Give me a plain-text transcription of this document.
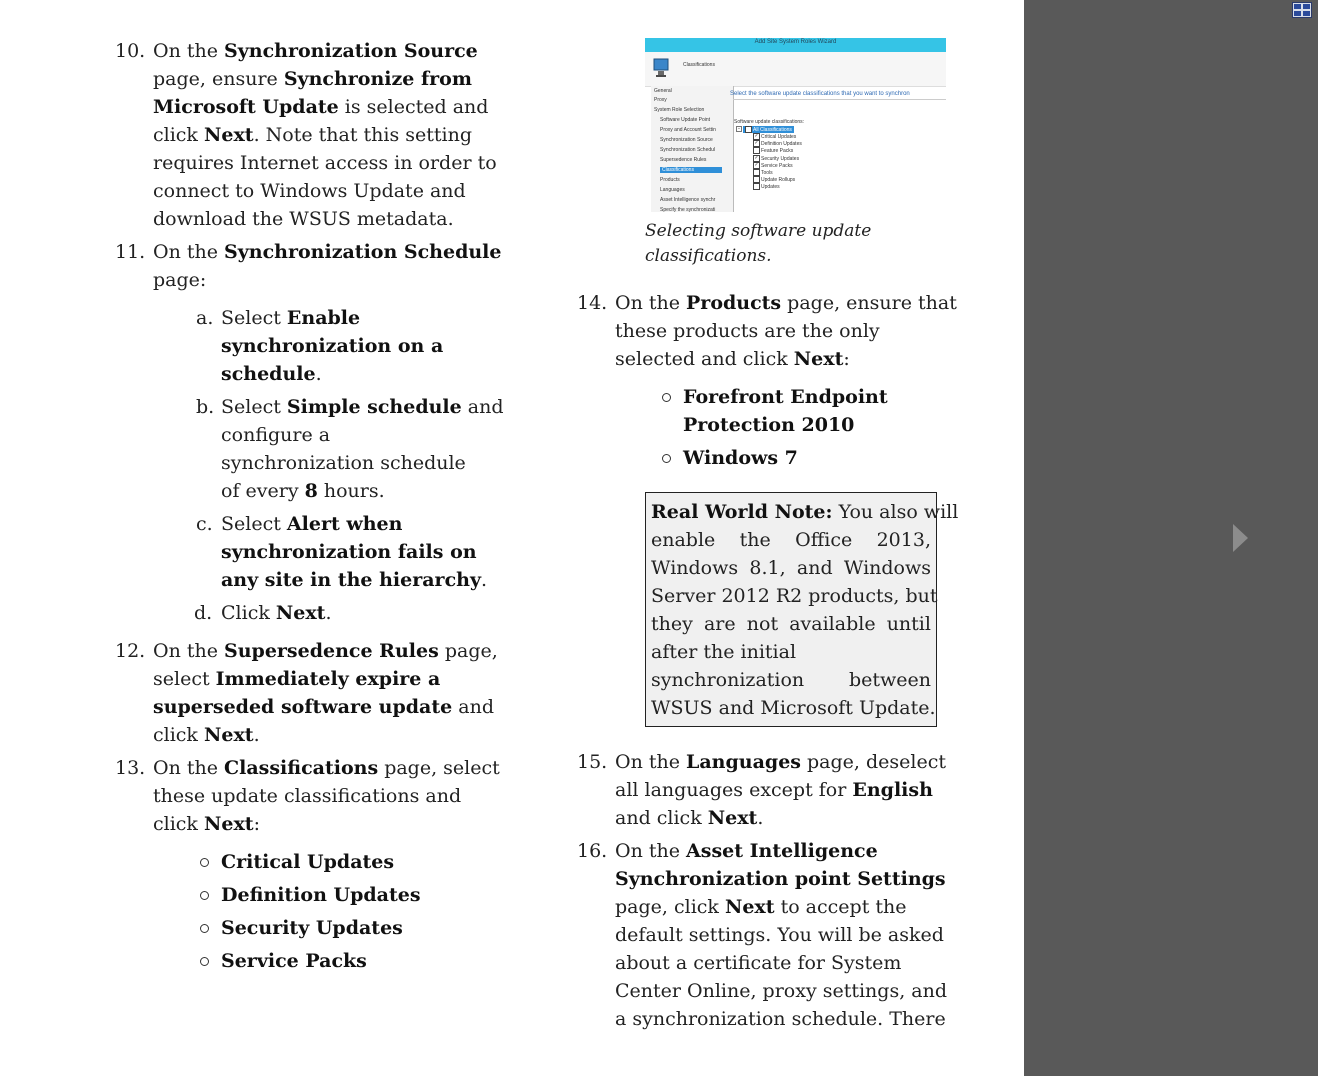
10. On the Synchronization Source
page, ensure Synchronize from
Microsoft Update is selected and
click Next. Note that this setting
requires Internet access in order to
connect to Windows Update and
download the WSUS metadata.
11. On the Synchronization Schedule
page:
a. Select Enable
synchronization on a
schedule.
b. Select Simple schedule and
configure a
synchronization schedule
of every 8 hours.
c. Select Alert when
synchronization fails on
any site in the hierarchy.
d. Click Next.
12. On the Supersedence Rules page,
select Immediately expire a
superseded software update and
click Next.
13. On the Classifications page, select
these update classifications and
click Next:
Critical Updates
Definition Updates
Security Updates
Service Packs
Add Site System Roles Wizard
Classifications
General
Proxy
System Role Selection
Software Update Point
Proxy and Account Settin
Synchronization Source
Synchronization Schedul
Supersedence Rules
Classifications
Products
Languages
Asset Intelligence synchr
Specify the synchronizati
Select the software update classifications that you want to synchron
Software update classifications:
−	✓ All Classifications
✓ Critical Updates
✓ Definition Updates
Feature Packs
✓ Security Updates
✓ Service Packs
Tools
Update Rollups
Updates
Selecting software update
classifications.
14. On the Products page, ensure that
these products are the only
selected and click Next:
Forefront Endpoint
Protection 2010
Windows 7
Real World Note: You also will
enable the Office 2013,
Windows 8.1, and Windows
Server 2012 R2 products, but
they are not available until
after the initial
synchronization between
WSUS and Microsoft Update.
15. On the Languages page, deselect
all languages except for English
and click Next.
16. On the Asset Intelligence
Synchronization point Settings
page, click Next to accept the
default settings. You will be asked
about a certificate for System
Center Online, proxy settings, and
a synchronization schedule. There
